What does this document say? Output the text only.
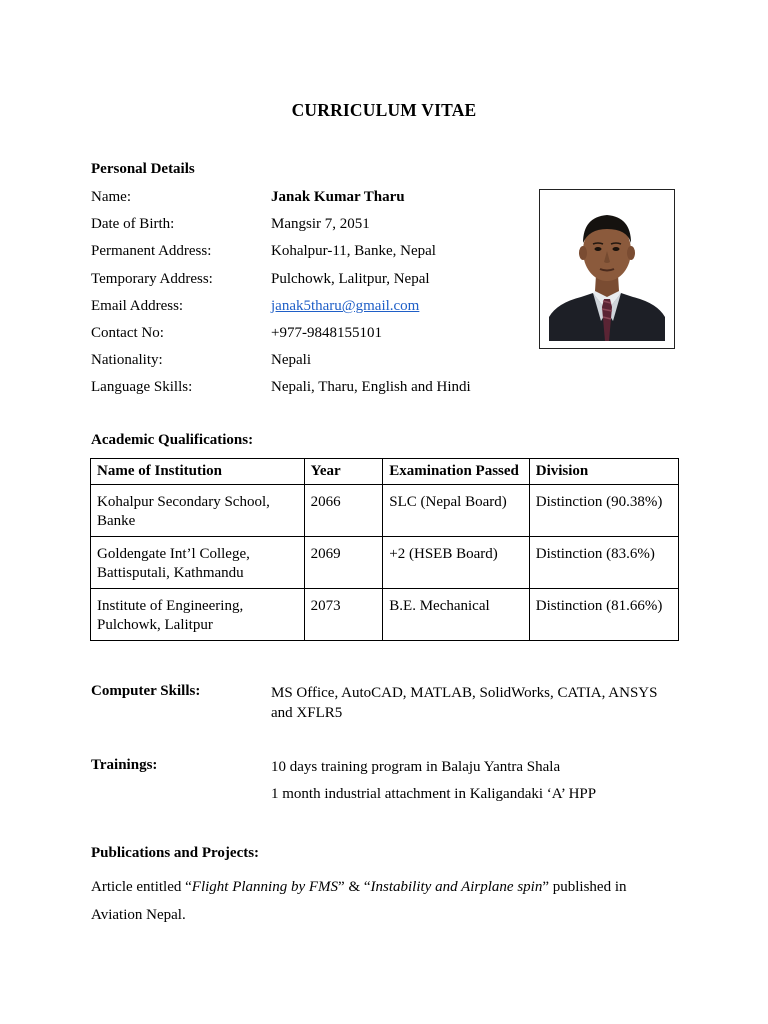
CURRICULUM VITAE
Personal Details
Name:	Janak Kumar Tharu
Date of Birth:	Mangsir 7, 2051
Permanent Address:	Kohalpur-11, Banke, Nepal
Temporary Address:	Pulchowk, Lalitpur, Nepal
Email Address:	janak5tharu@gmail.com
Contact No:	+977-9848155101
Nationality:	Nepali
Language Skills:	Nepali, Tharu, English and Hindi
Academic Qualifications:
Name of Institution	Year	Examination Passed	Division

Kohalpur Secondary School,
Banke	2066	SLC (Nepal Board)	Distinction (90.38%)

Goldengate Int’l College,
Battisputali, Kathmandu	2069	+2 (HSEB Board)	Distinction (83.6%)

Institute of Engineering,
Pulchowk, Lalitpur	2073	B.E. Mechanical	Distinction (81.66%)
Computer Skills:	MS Office, AutoCAD, MATLAB, SolidWorks, CATIA, ANSYS and XFLR5
Trainings:	10 days training program in Balaju Yantra Shala
1 month industrial attachment in Kaligandaki ‘A’ HPP
Publications and Projects:
Article entitled “Flight Planning by FMS” & “Instability and Airplane spin” published in
Aviation Nepal.
